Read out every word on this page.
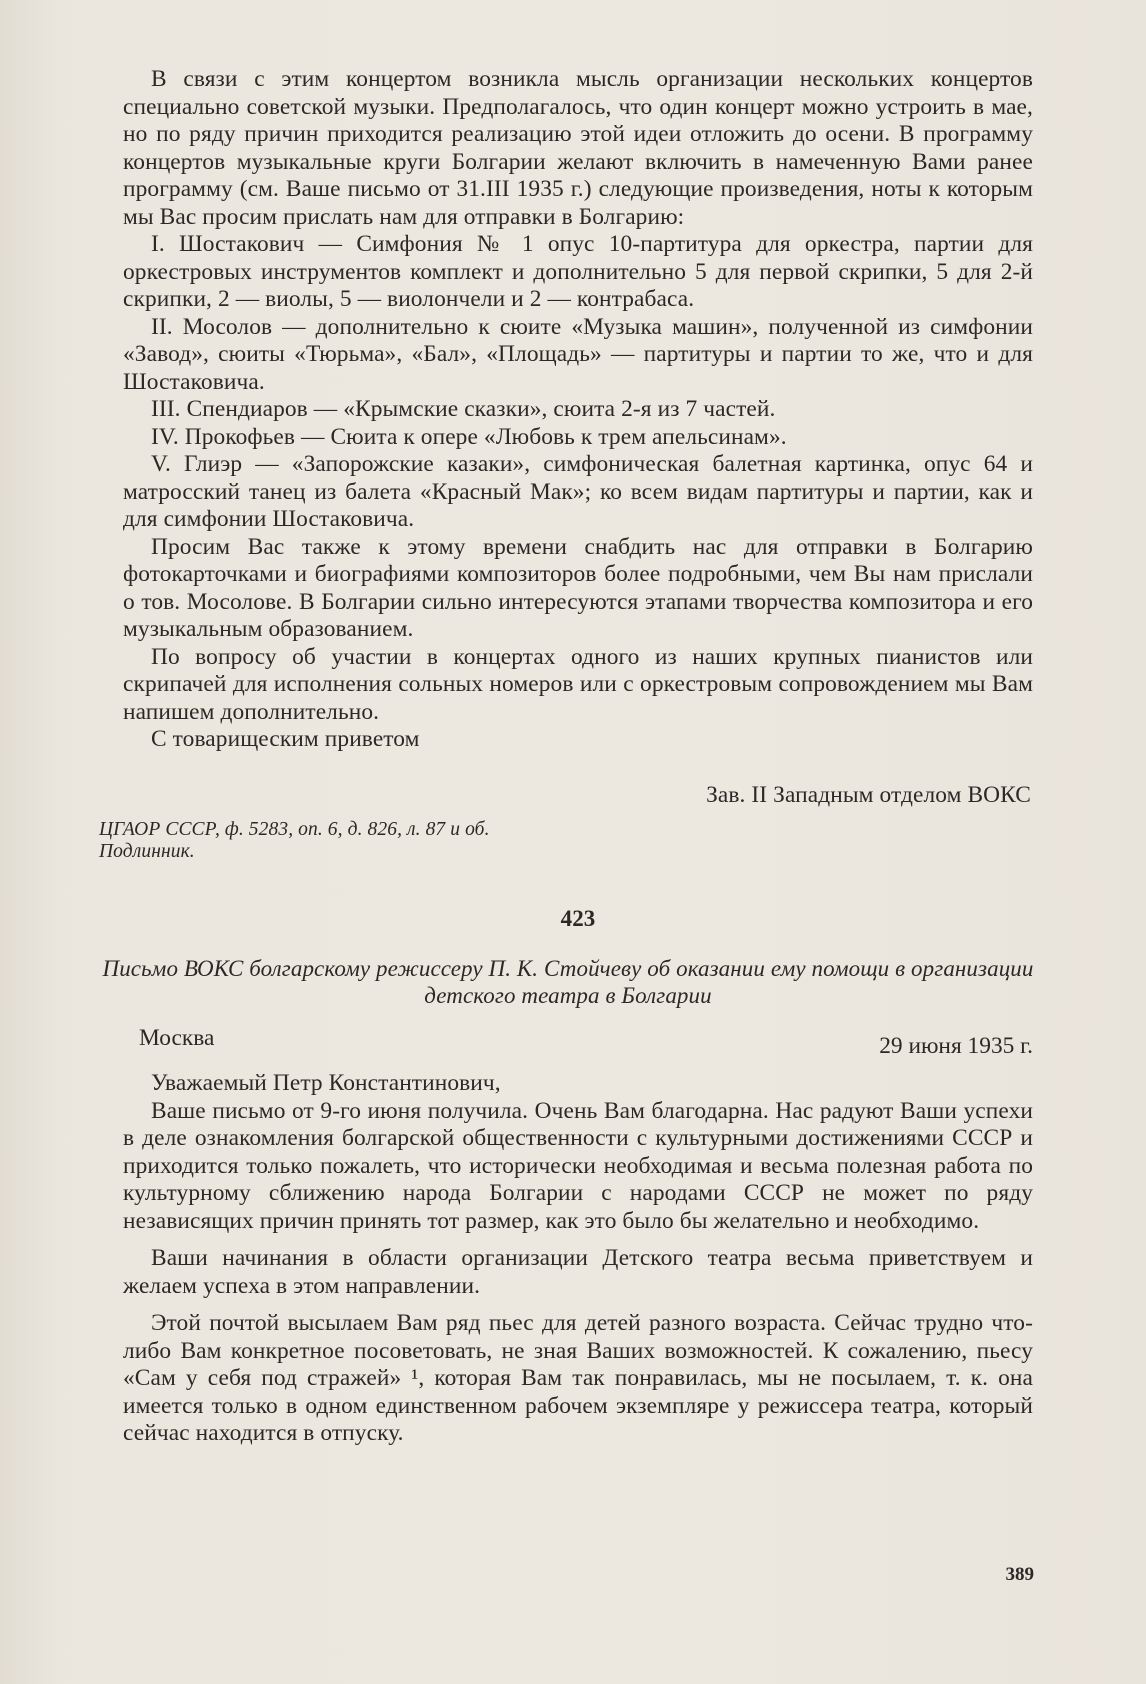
В связи с этим концертом возникла мысль организации нескольких концертов специально советской музыки. Предполагалось, что один концерт можно устроить в мае, но по ряду причин приходится реализацию этой идеи отложить до осени. В программу концертов музыкальные круги Болгарии желают включить в намеченную Вами ранее программу (см. Ваше письмо от 31.III 1935 г.) следующие произведения, ноты к которым мы Вас просим прислать нам для отправки в Болгарию:

I. Шостакович — Симфония № 1 опус 10-партитура для оркестра, партии для оркестровых инструментов комплект и дополнительно 5 для первой скрипки, 5 для 2-й скрипки, 2 — виолы, 5 — виолончели и 2 — контрабаса.

II. Мосолов — дополнительно к сюите «Музыка машин», полученной из симфонии «Завод», сюиты «Тюрьма», «Бал», «Площадь» — партитуры и партии то же, что и для Шостаковича.

III. Спендиаров — «Крымские сказки», сюита 2-я из 7 частей.

IV. Прокофьев — Сюита к опере «Любовь к трем апельсинам».

V. Глиэр — «Запорожские казаки», симфоническая балетная картинка, опус 64 и матросский танец из балета «Красный Мак»; ко всем видам партитуры и партии, как и для симфонии Шостаковича.

Просим Вас также к этому времени снабдить нас для отправки в Болгарию фотокарточками и биографиями композиторов более подробными, чем Вы нам прислали о тов. Мосолове. В Болгарии сильно интересуются этапами творчества композитора и его музыкальным образованием.

По вопросу об участии в концертах одного из наших крупных пианистов или скрипачей для исполнения сольных номеров или с оркестровым сопровождением мы Вам напишем дополнительно.

С товарищеским приветом

Зав. II Западным отделом ВОКС

ЦГАОР СССР, ф. 5283, оп. 6, д. 826, л. 87 и об.

Подлинник.

423

Письмо ВОКС болгарскому режиссеру П. К. Стойчеву об оказании ему помощи в организации детского театра в Болгарии

Москва	29 июня 1935 г.

Уважаемый Петр Константинович,

Ваше письмо от 9-го июня получила. Очень Вам благодарна. Нас радуют Ваши успехи в деле ознакомления болгарской общественности с культурными достижениями СССР и приходится только пожалеть, что исторически необходимая и весьма полезная работа по культурному сближению народа Болгарии с народами СССР не может по ряду независящих причин принять тот размер, как это было бы желательно и необходимо.

Ваши начинания в области организации Детского театра весьма приветствуем и желаем успеха в этом направлении.

Этой почтой высылаем Вам ряд пьес для детей разного возраста. Сейчас трудно что-либо Вам конкретное посоветовать, не зная Ваших возможностей. К сожалению, пьесу «Сам у себя под стражей» ¹, которая Вам так понравилась, мы не посылаем, т. к. она имеется только в одном единственном рабочем экземпляре у режиссера театра, который сейчас находится в отпуску.

389
